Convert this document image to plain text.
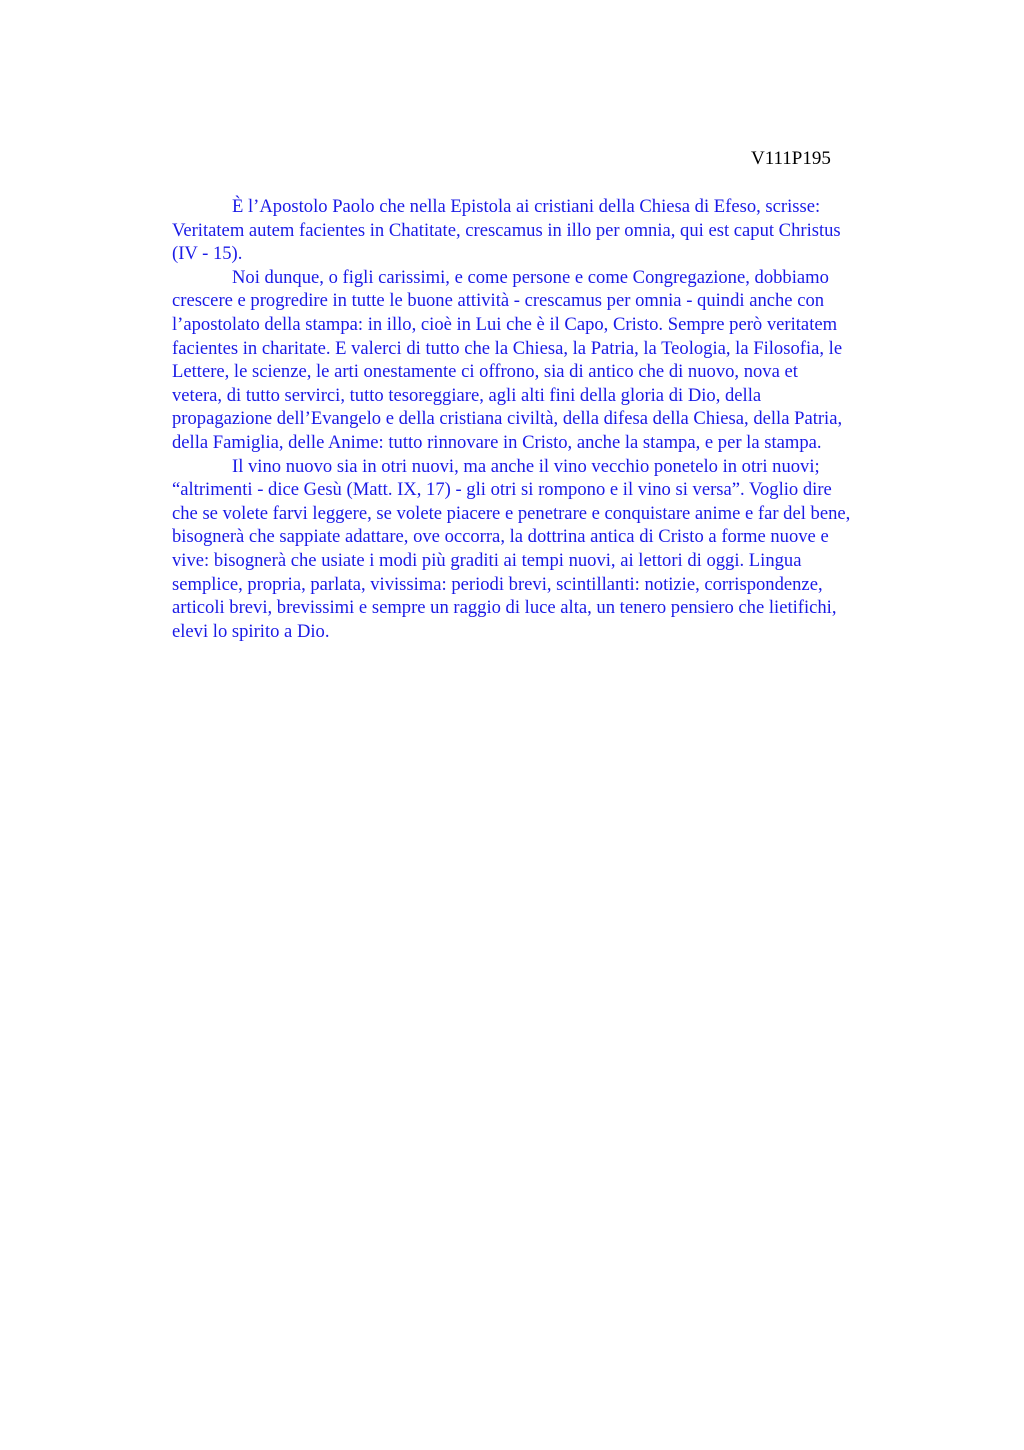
V111P195

È l’Apostolo Paolo che nella Epistola ai cristiani della Chiesa di Efeso, scrisse:
Veritatem autem facientes in Chatitate, crescamus in illo per omnia, qui est caput Christus
(IV - 15).

Noi dunque, o figli carissimi, e come persone e come Congregazione, dobbiamo
crescere e progredire in tutte le buone attività - crescamus per omnia - quindi anche con
l’apostolato della stampa: in illo, cioè in Lui che è il Capo, Cristo. Sempre però veritatem
facientes in charitate. E valerci di tutto che la Chiesa, la Patria, la Teologia, la Filosofia, le
Lettere, le scienze, le arti onestamente ci offrono, sia di antico che di nuovo, nova et
vetera, di tutto servirci, tutto tesoreggiare, agli alti fini della gloria di Dio, della
propagazione dell’Evangelo e della cristiana civiltà, della difesa della Chiesa, della Patria,
della Famiglia, delle Anime: tutto rinnovare in Cristo, anche la stampa, e per la stampa.

Il vino nuovo sia in otri nuovi, ma anche il vino vecchio ponetelo in otri nuovi;
“altrimenti - dice Gesù (Matt. IX, 17) - gli otri si rompono e il vino si versa”. Voglio dire
che se volete farvi leggere, se volete piacere e penetrare e conquistare anime e far del bene,
bisognerà che sappiate adattare, ove occorra, la dottrina antica di Cristo a forme nuove e
vive: bisognerà che usiate i modi più graditi ai tempi nuovi, ai lettori di oggi. Lingua
semplice, propria, parlata, vivissima: periodi brevi, scintillanti: notizie, corrispondenze,
articoli brevi, brevissimi e sempre un raggio di luce alta, un tenero pensiero che lietifichi,
elevi lo spirito a Dio.
